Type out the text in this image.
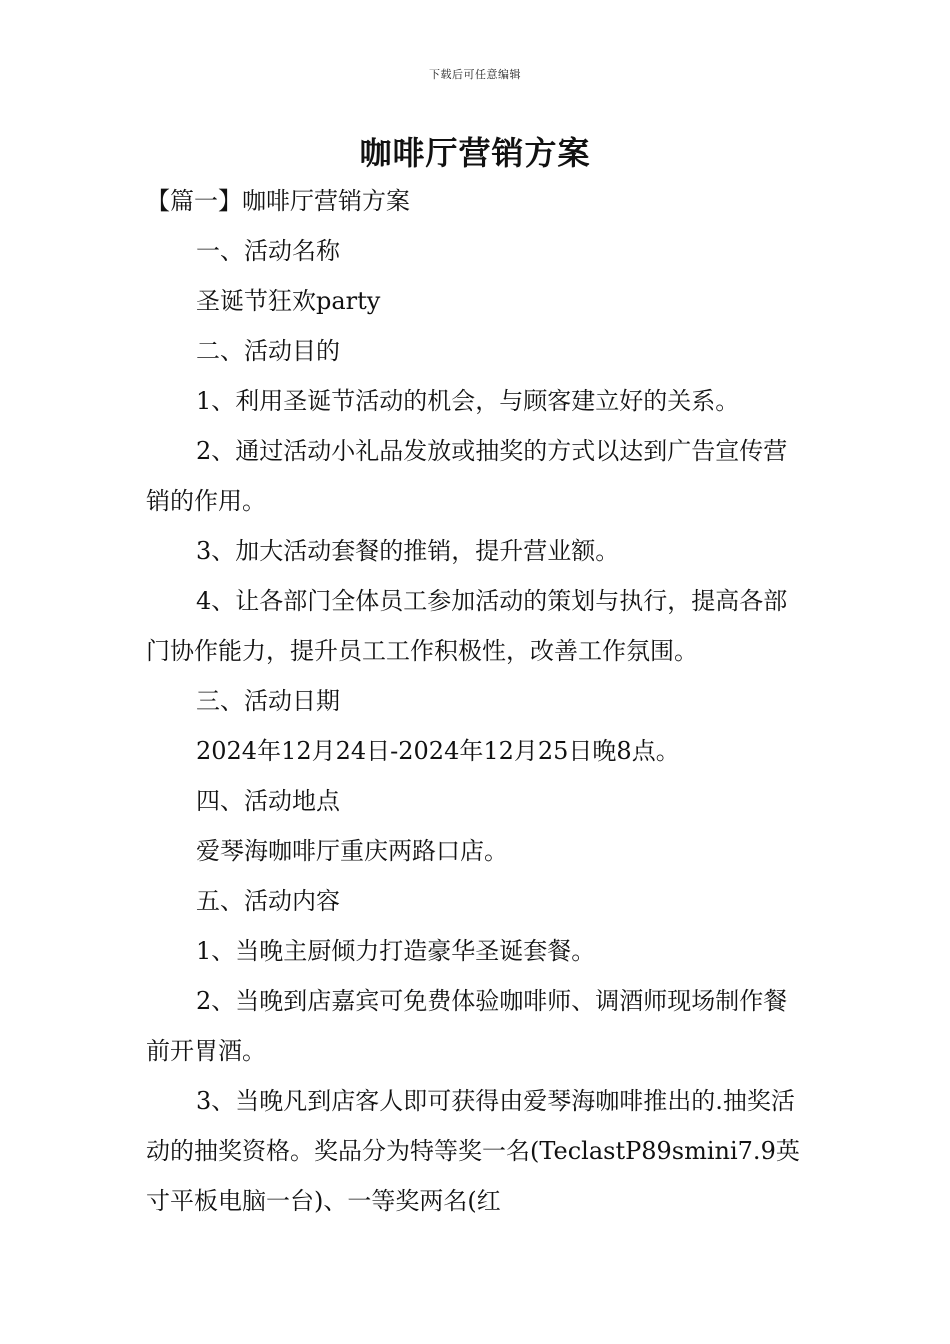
下载后可任意编辑
咖啡厅营销方案

【篇一】咖啡厅营销方案

一、活动名称

圣诞节狂欢party

二、活动目的

1、利用圣诞节活动的机会，与顾客建立好的关系。

2、通过活动小礼品发放或抽奖的方式以达到广告宣传营销的作用。

3、加大活动套餐的推销，提升营业额。

4、让各部门全体员工参加活动的策划与执行，提高各部门协作能力，提升员工工作积极性，改善工作氛围。

三、活动日期

2024年12月24日-2024年12月25日晚8点。

四、活动地点

爱琴海咖啡厅重庆两路口店。

五、活动内容

1、当晚主厨倾力打造豪华圣诞套餐。

2、当晚到店嘉宾可免费体验咖啡师、调酒师现场制作餐前开胃酒。

3、当晚凡到店客人即可获得由爱琴海咖啡推出的.抽奖活动的抽奖资格。奖品分为特等奖一名(TeclastP89smini7.9英寸平板电脑一台)、一等奖两名(红
